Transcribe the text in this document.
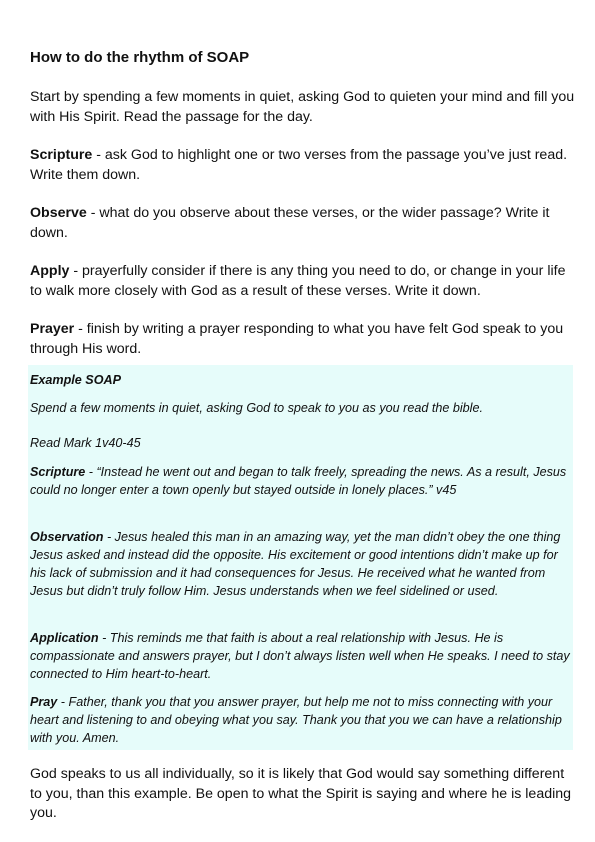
How to do the rhythm of SOAP
Start by spending a few moments in quiet, asking God to quieten your mind and fill you with His Spirit. Read the passage for the day.
Scripture - ask God to highlight one or two verses from the passage you’ve just read. Write them down.
Observe - what do you observe about these verses, or the wider passage? Write it down.
Apply - prayerfully consider if there is any thing you need to do, or change in your life to walk more closely with God as a result of these verses. Write it down.
Prayer - finish by writing a prayer responding to what you have felt God speak to you through His word.
Example SOAP
Spend a few moments in quiet, asking God to speak to you as you read the bible.
Read Mark 1v40-45
Scripture - “Instead he went out and began to talk freely, spreading the news. As a result, Jesus could no longer enter a town openly but stayed outside in lonely places.” v45
Observation - Jesus healed this man in an amazing way, yet the man didn’t obey the one thing Jesus asked and instead did the opposite. His excitement or good intentions didn’t make up for his lack of submission and it had consequences for Jesus. He received what he wanted from Jesus but didn’t truly follow Him. Jesus understands when we feel sidelined or used.
Application - This reminds me that faith is about a real relationship with Jesus. He is compassionate and answers prayer, but I don’t always listen well when He speaks. I need to stay connected to Him heart-to-heart.
Pray - Father, thank you that you answer prayer, but help me not to miss connecting with your heart and listening to and obeying what you say. Thank you that you we can have a relationship with you. Amen.
God speaks to us all individually, so it is likely that God would say something different to you, than this example. Be open to what the Spirit is saying and where he is leading you.
